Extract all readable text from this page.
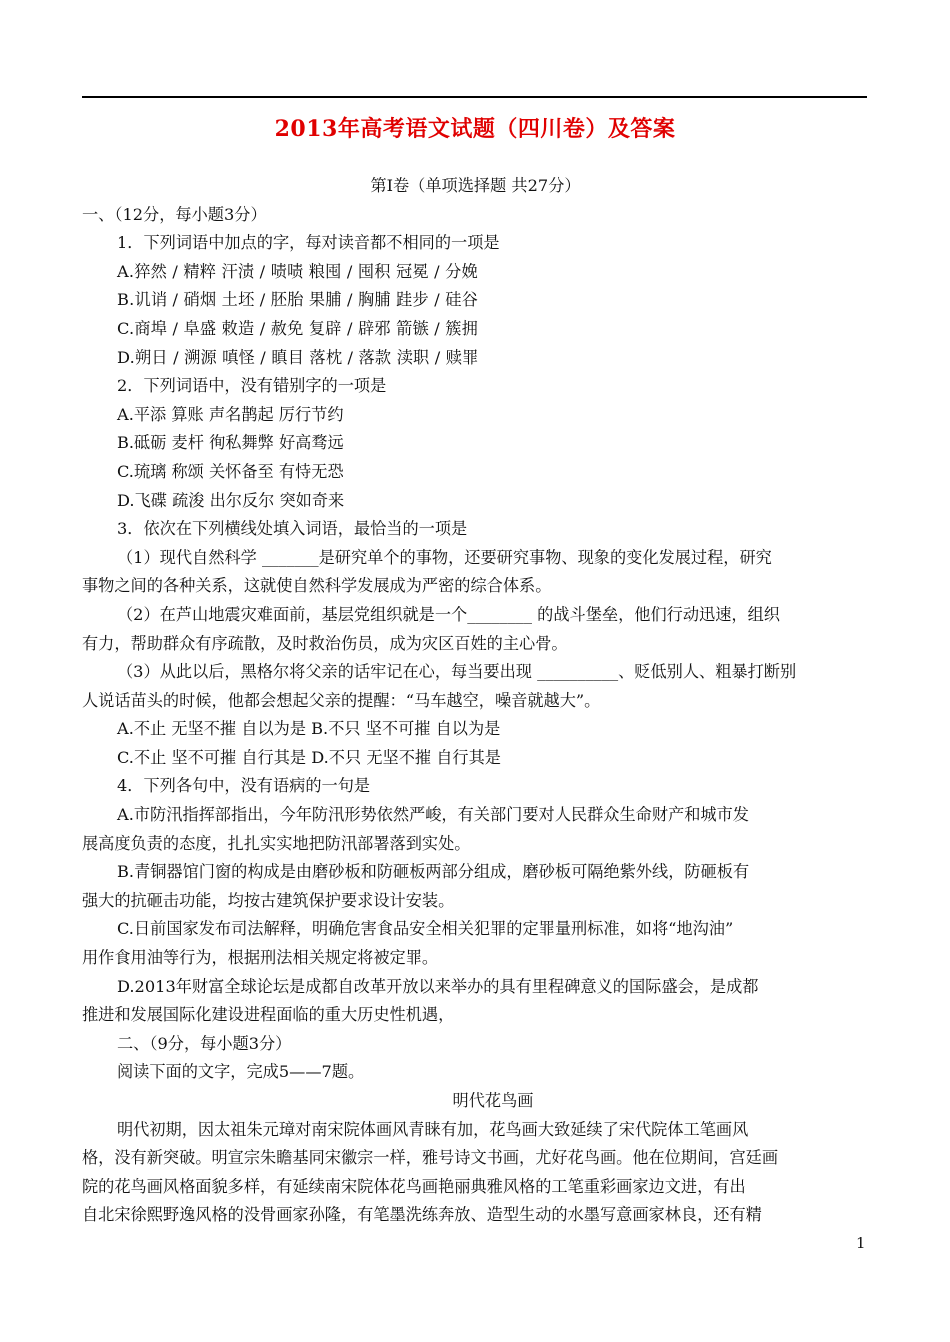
2013年高考语文试题（四川卷）及答案
第Ⅰ卷（单项选择题 共27分）
一、（12分，每小题3分）
1．下列词语中加点的字，每对读音都不相同的一项是
A.猝然 / 精粹 汗渍 / 啧啧 粮囤 / 囤积 冠冕 / 分娩
B.讥诮 / 硝烟 土坯 / 胚胎 果脯 / 胸脯 跬步 / 硅谷
C.商埠 / 阜盛 敕造 / 赦免 复辟 / 辟邪 箭镞 / 簇拥
D.朔日 / 溯源 嗔怪 / 瞋目 落枕 / 落款 渎职 / 赎罪
2．下列词语中，没有错别字的一项是
A.平添 算账 声名鹊起 厉行节约
B.砥砺 麦杆 徇私舞弊 好高骛远
C.琉璃 称颂 关怀备至 有恃无恐
D.飞碟 疏浚 出尔反尔 突如奇来
3．依次在下列横线处填入词语，最恰当的一项是
（1）现代自然科学 _______是研究单个的事物，还要研究事物、现象的变化发展过程，研究
事物之间的各种关系，这就使自然科学发展成为严密的综合体系。
（2）在芦山地震灾难面前，基层党组织就是一个________ 的战斗堡垒，他们行动迅速，组织
有力，帮助群众有序疏散，及时救治伤员，成为灾区百姓的主心骨。
（3）从此以后，黑格尔将父亲的话牢记在心，每当要出现 __________、贬低别人、粗暴打断别
人说话苗头的时候，他都会想起父亲的提醒：“马车越空，噪音就越大”。
A.不止 无坚不摧 自以为是 B.不只 坚不可摧 自以为是
C.不止 坚不可摧 自行其是 D.不只 无坚不摧 自行其是
4．下列各句中，没有语病的一句是
A.市防汛指挥部指出，今年防汛形势依然严峻，有关部门要对人民群众生命财产和城市发
展高度负责的态度，扎扎实实地把防汛部署落到实处。
B.青铜器馆门窗的构成是由磨砂板和防砸板两部分组成，磨砂板可隔绝紫外线，防砸板有
强大的抗砸击功能，均按古建筑保护要求设计安装。
C.日前国家发布司法解释，明确危害食品安全相关犯罪的定罪量刑标准，如将“地沟油”
用作食用油等行为，根据刑法相关规定将被定罪。
D.2013年财富全球论坛是成都自改革开放以来举办的具有里程碑意义的国际盛会，是成都
推进和发展国际化建设进程面临的重大历史性机遇，
二、（9分，每小题3分）
阅读下面的文字，完成5——7题。
明代花鸟画
明代初期，因太祖朱元璋对南宋院体画风青睐有加，花鸟画大致延续了宋代院体工笔画风
格，没有新突破。明宣宗朱瞻基同宋徽宗一样，雅号诗文书画，尤好花鸟画。他在位期间，宫廷画
院的花鸟画风格面貌多样，有延续南宋院体花鸟画艳丽典雅风格的工笔重彩画家边文进，有出
自北宋徐熙野逸风格的没骨画家孙隆，有笔墨洗练奔放、造型生动的水墨写意画家林良，还有精
1
